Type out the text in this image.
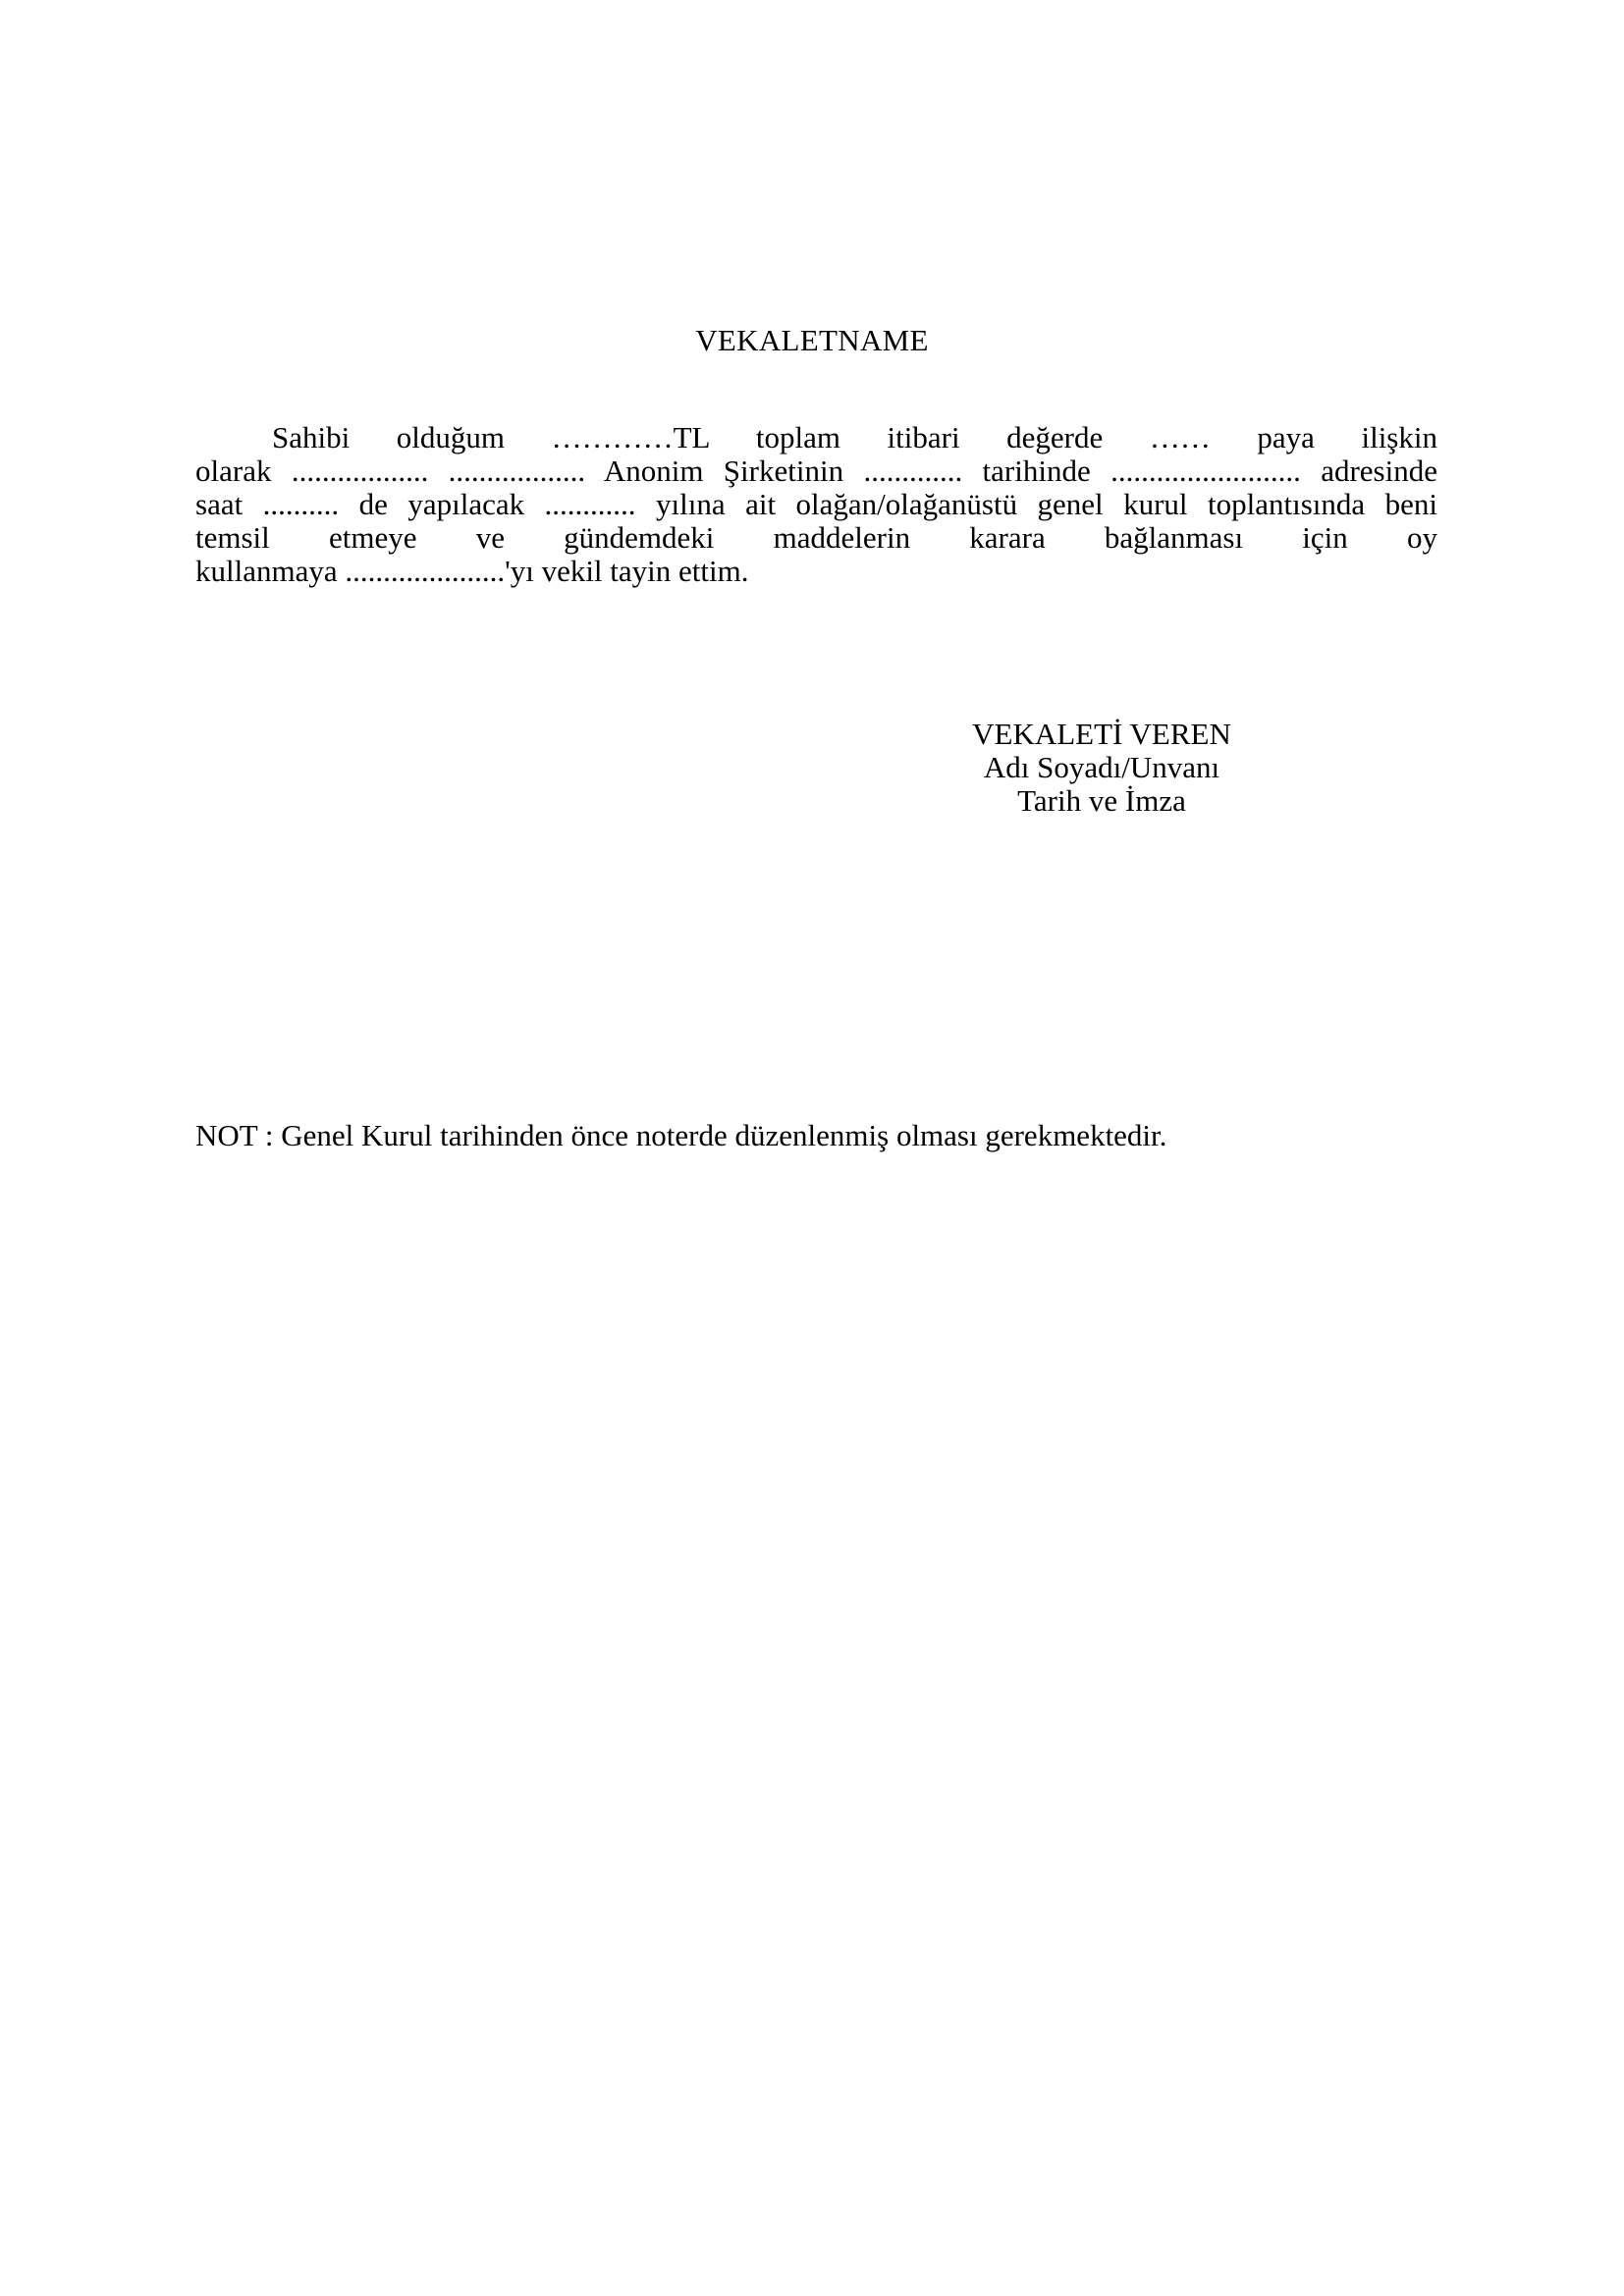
VEKALETNAME
Sahibi olduğum …………TL toplam itibari değerde …… paya ilişkin
olarak .................. .................. Anonim Şirketinin ............. tarihinde ......................... adresinde
saat .......... de yapılacak ............ yılına ait olağan/olağanüstü genel kurul toplantısında beni
temsil etmeye ve gündemdeki maddelerin karara bağlanması için oy
kullanmaya .....................'yı vekil tayin ettim.
VEKALETİ VEREN
Adı Soyadı/Unvanı
Tarih ve İmza
NOT : Genel Kurul tarihinden önce noterde düzenlenmiş olması gerekmektedir.
